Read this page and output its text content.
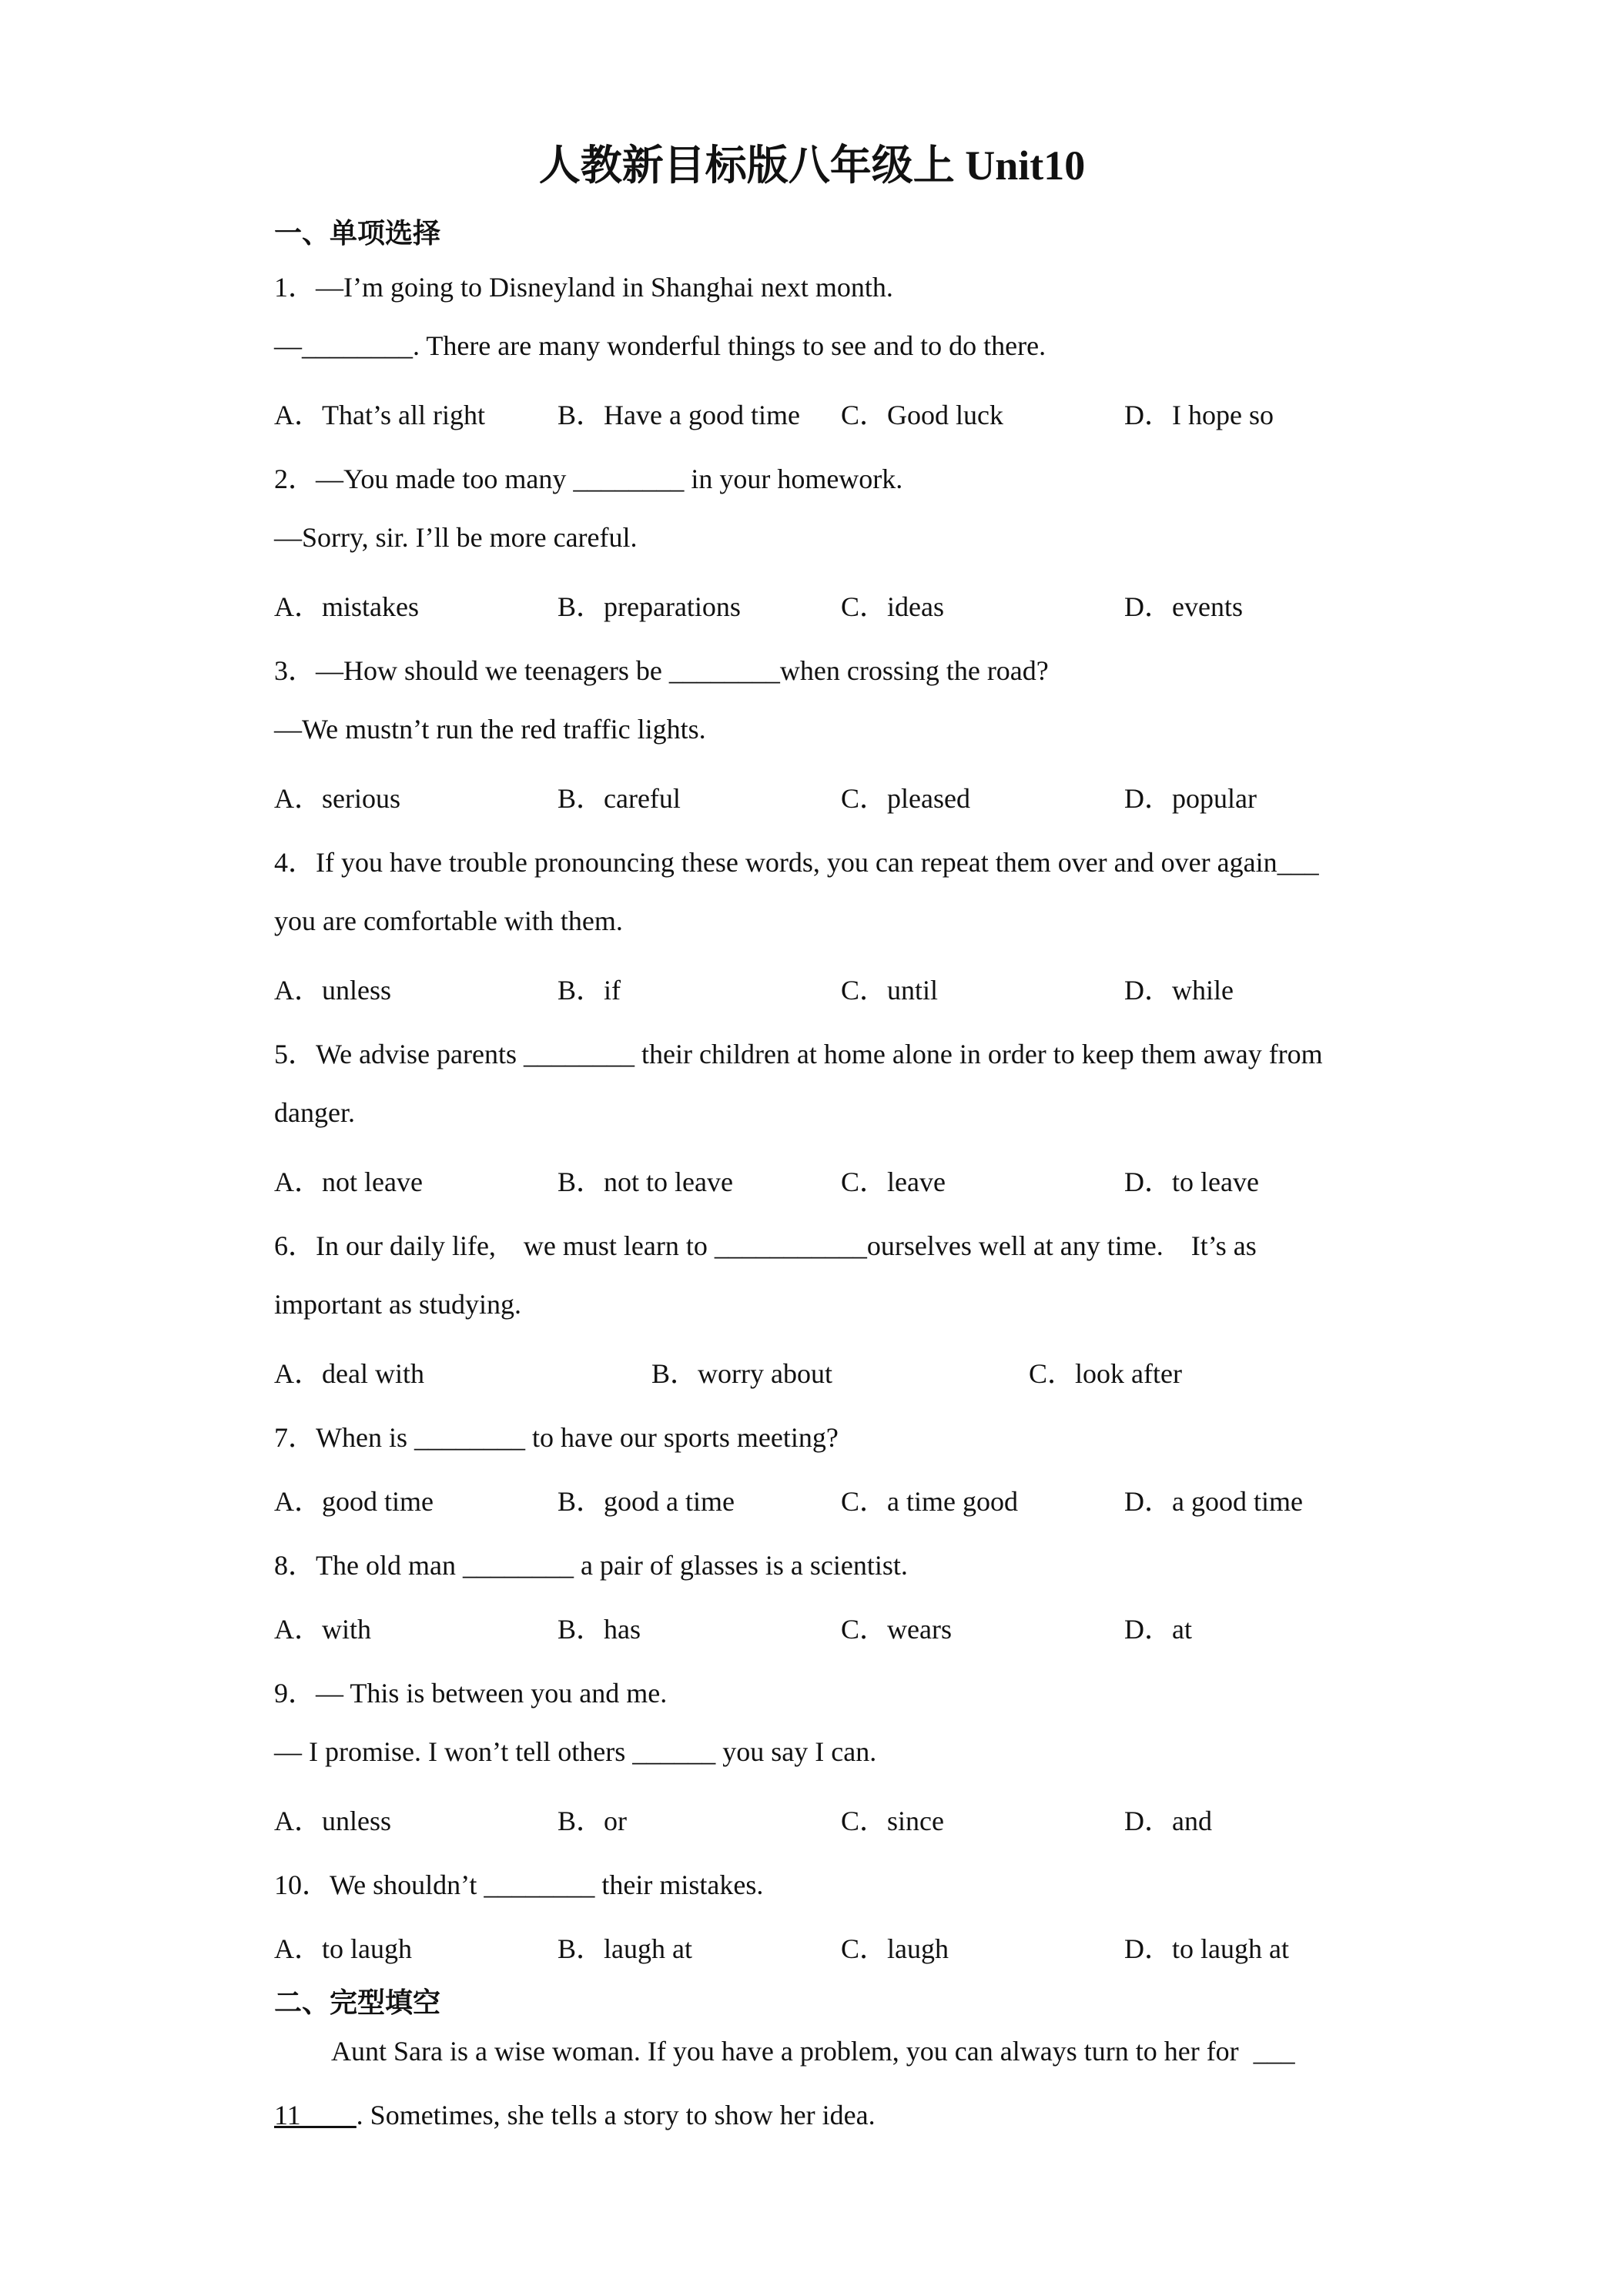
人教新目标版八年级上 Unit10
一、单项选择
1．—I’m going to Disneyland in Shanghai next month.
—________. There are many wonderful things to see and to do there.
A．That’s all right	B．Have a good time C．Good luck	D．I hope so
2．—You made too many ________ in your homework.
—Sorry, sir. I’ll be more careful.
A．mistakes	B．preparations	C．ideas	D．events
3．—How should we teenagers be ________when crossing the road?
—We mustn’t run the red traffic lights.
A．serious	B．careful	C．pleased	D．popular
4．If you have trouble pronouncing these words, you can repeat them over and over again___
you are comfortable with them.
A．unless	B．if	C．until	D．while
5．We advise parents ________ their children at home alone in order to keep them away from
danger.
A．not leave	B．not to leave	C．leave	D．to leave
6．In our daily life,　we must learn to ___________ourselves well at any time.　It’s as
important as studying.
A．deal with	B．worry about	C．look after
7．When is ________ to have our sports meeting?
A．good time	B．good a time	C．a time good	D．a good time
8．The old man ________ a pair of glasses is a scientist.
A．with	B．has	C．wears	D．at
9．— This is between you and me.
— I promise. I won’t tell others ______ you say I can.
A．unless	B．or	C．since	D．and
10．We shouldn’t ________ their mistakes.
A．to laugh	B．laugh at	C．laugh	D．to laugh at
二、完型填空
Aunt Sara is a wise woman. If you have a problem, you can always turn to her for ___
11____. Sometimes, she tells a story to show her idea.
